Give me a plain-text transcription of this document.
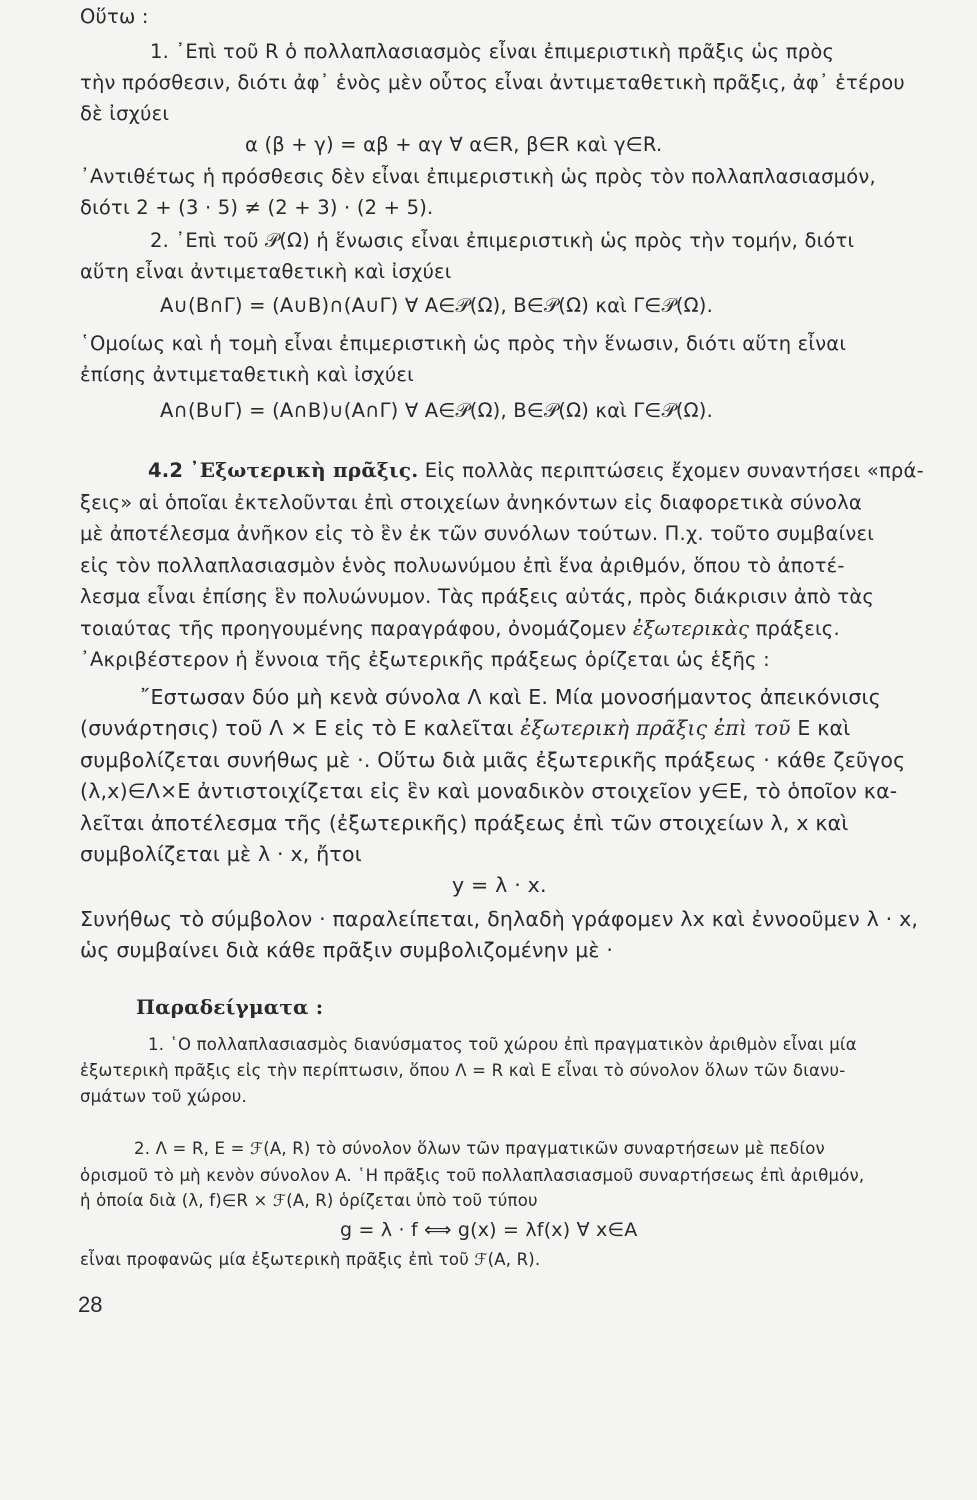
Οὕτω :
1. ᾽Επὶ τοῦ R ὁ πολλαπλασιασμὸς εἶναι ἐπιμεριστικὴ πρᾶξις ὡς πρὸς
τὴν πρόσθεσιν, διότι ἀφ᾽ ἑνὸς μὲν οὗτος εἶναι ἀντιμεταθετικὴ πρᾶξις, ἀφ᾽ ἑτέρου
δὲ ἰσχύει
α (β + γ) = αβ + αγ ∀ α∈R, β∈R καὶ γ∈R.
᾽Αντιθέτως ἡ πρόσθεσις δὲν εἶναι ἐπιμεριστικὴ ὡς πρὸς τὸν πολλαπλασιασμόν,
διότι 2 + (3 · 5) ≠ (2 + 3) · (2 + 5).
2. ᾽Επὶ τοῦ 𝒫(Ω) ἡ ἕνωσις εἶναι ἐπιμεριστικὴ ὡς πρὸς τὴν τομήν, διότι
αὕτη εἶναι ἀντιμεταθετικὴ καὶ ἰσχύει
A∪(B∩Γ) = (A∪B)∩(A∪Γ) ∀ A∈𝒫(Ω), B∈𝒫(Ω) καὶ Γ∈𝒫(Ω).
῾Ομοίως καὶ ἡ τομὴ εἶναι ἐπιμεριστικὴ ὡς πρὸς τὴν ἕνωσιν, διότι αὕτη εἶναι
ἐπίσης ἀντιμεταθετικὴ καὶ ἰσχύει
A∩(B∪Γ) = (A∩B)∪(A∩Γ) ∀ A∈𝒫(Ω), B∈𝒫(Ω) καὶ Γ∈𝒫(Ω).
4.2 ᾽Εξωτερικὴ πρᾶξις. Εἰς πολλὰς περιπτώσεις ἔχομεν συναντήσει «πρά-
ξεις» αἱ ὁποῖαι ἐκτελοῦνται ἐπὶ στοιχείων ἀνηκόντων εἰς διαφορετικὰ σύνολα
μὲ ἀποτέλεσμα ἀνῆκον εἰς τὸ ἓν ἐκ τῶν συνόλων τούτων. Π.χ. τοῦτο συμβαίνει
εἰς τὸν πολλαπλασιασμὸν ἑνὸς πολυωνύμου ἐπὶ ἕνα ἀριθμόν, ὅπου τὸ ἀποτέ-
λεσμα εἶναι ἐπίσης ἓν πολυώνυμον. Τὰς πράξεις αὐτάς, πρὸς διάκρισιν ἀπὸ τὰς
τοιαύτας τῆς προηγουμένης παραγράφου, ὀνομάζομεν ἐξωτερικὰς πράξεις.
᾽Ακριβέστερον ἡ ἔννοια τῆς ἐξωτερικῆς πράξεως ὁρίζεται ὡς ἑξῆς :
῎Εστωσαν δύο μὴ κενὰ σύνολα Λ καὶ Ε. Μία μονοσήμαντος ἀπεικόνισις
(συνάρτησις) τοῦ Λ × Ε εἰς τὸ Ε καλεῖται ἐξωτερικὴ πρᾶξις ἐπὶ τοῦ Ε καὶ
συμβολίζεται συνήθως μὲ ·. Οὕτω διὰ μιᾶς ἐξωτερικῆς πράξεως · κάθε ζεῦγος
(λ,x)∈Λ×Ε ἀντιστοιχίζεται εἰς ἓν καὶ μοναδικὸν στοιχεῖον y∈Ε, τὸ ὁποῖον κα-
λεῖται ἀποτέλεσμα τῆς (ἐξωτερικῆς) πράξεως ἐπὶ τῶν στοιχείων λ, x καὶ
συμβολίζεται μὲ λ · x, ἤτοι
y = λ · x.
Συνήθως τὸ σύμβολον · παραλείπεται, δηλαδὴ γράφομεν λx καὶ ἐννοοῦμεν λ · x,
ὡς συμβαίνει διὰ κάθε πρᾶξιν συμβολιζομένην μὲ ·
Παραδείγματα :
1. ῾Ο πολλαπλασιασμὸς διανύσματος τοῦ χώρου ἐπὶ πραγματικὸν ἀριθμὸν εἶναι μία
ἐξωτερικὴ πρᾶξις εἰς τὴν περίπτωσιν, ὅπου Λ = R καὶ Ε εἶναι τὸ σύνολον ὅλων τῶν διανυ-
σμάτων τοῦ χώρου.
2. Λ = R, Ε = ℱ(A, R) τὸ σύνολον ὅλων τῶν πραγματικῶν συναρτήσεων μὲ πεδίον
ὁρισμοῦ τὸ μὴ κενὸν σύνολον A. ῾Η πρᾶξις τοῦ πολλαπλασιασμοῦ συναρτήσεως ἐπὶ ἀριθμόν,
ἡ ὁποία διὰ (λ, f)∈R × ℱ(A, R) ὁρίζεται ὑπὸ τοῦ τύπου
g = λ · f ⟺ g(x) = λf(x) ∀ x∈A
εἶναι προφανῶς μία ἐξωτερικὴ πρᾶξις ἐπὶ τοῦ ℱ(A, R).
28
